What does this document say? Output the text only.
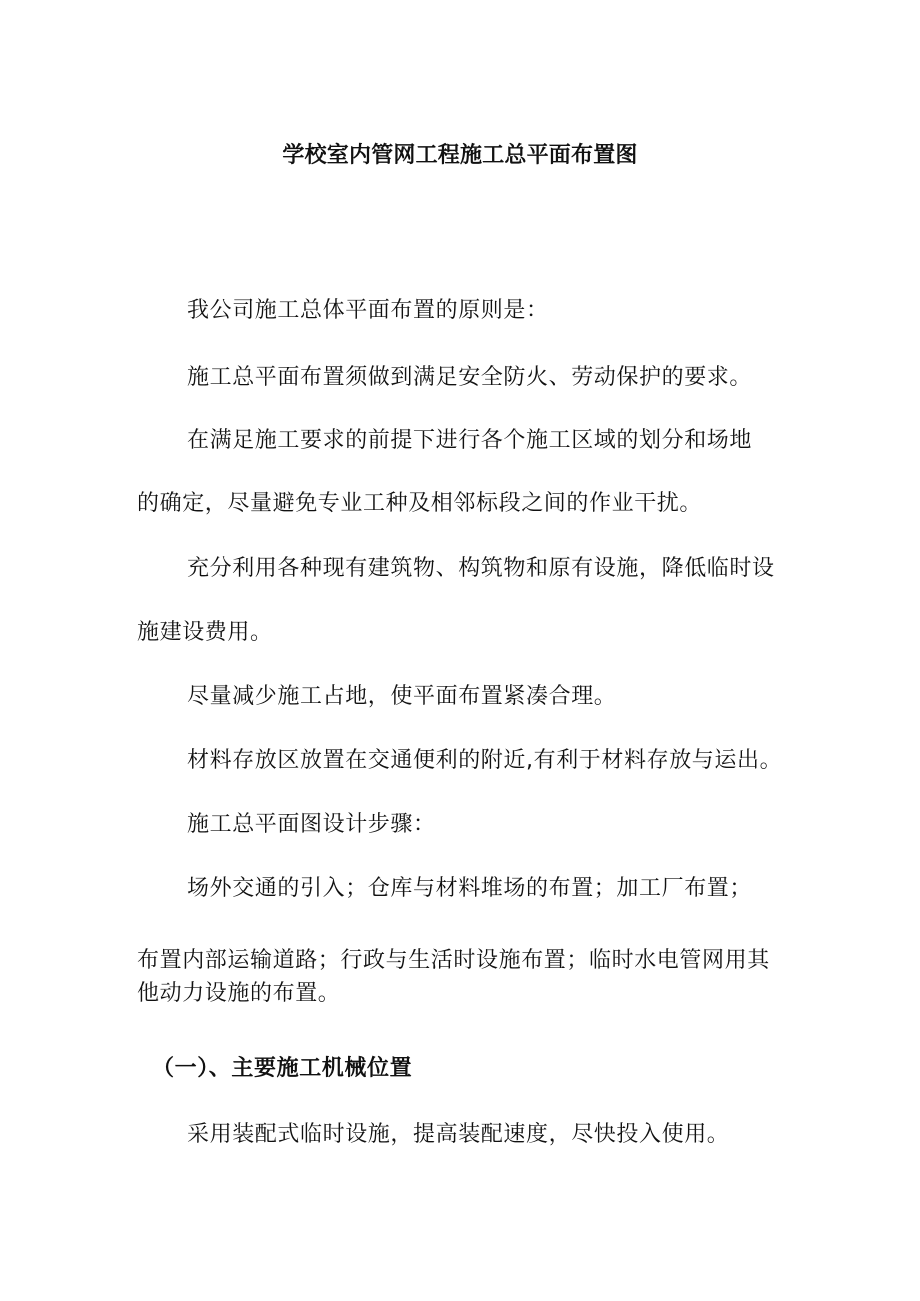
学校室内管网工程施工总平面布置图
我公司施工总体平面布置的原则是：
施工总平面布置须做到满足安全防火、劳动保护的要求。
在满足施工要求的前提下进行各个施工区域的划分和场地
的确定，尽量避免专业工种及相邻标段之间的作业干扰。
充分利用各种现有建筑物、构筑物和原有设施，降低临时设
施建设费用。
尽量减少施工占地，使平面布置紧凑合理。
材料存放区放置在交通便利的附近,有利于材料存放与运出。
施工总平面图设计步骤：
场外交通的引入；仓库与材料堆场的布置；加工厂布置；
布置内部运输道路；行政与生活时设施布置；临时水电管网用其
他动力设施的布置。
（一）、主要施工机械位置
采用装配式临时设施，提高装配速度，尽快投入使用。
